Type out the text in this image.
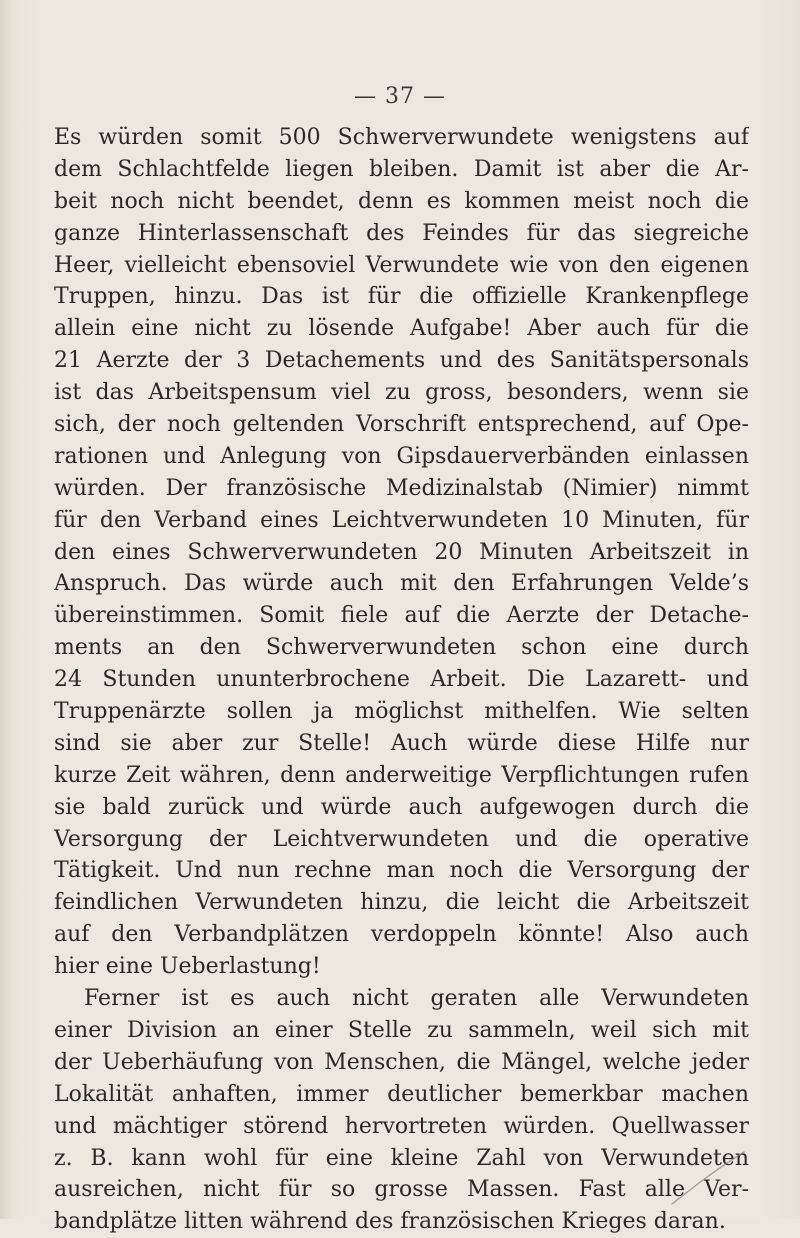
— 37 —
Es würden somit 500 Schwerverwundete wenigstens auf
dem Schlachtfelde liegen bleiben. Damit ist aber die Ar-
beit noch nicht beendet, denn es kommen meist noch die
ganze Hinterlassenschaft des Feindes für das siegreiche
Heer, vielleicht ebensoviel Verwundete wie von den eigenen
Truppen, hinzu. Das ist für die offizielle Krankenpflege
allein eine nicht zu lösende Aufgabe! Aber auch für die
21 Aerzte der 3 Detachements und des Sanitätspersonals
ist das Arbeitspensum viel zu gross, besonders, wenn sie
sich, der noch geltenden Vorschrift entsprechend, auf Ope-
rationen und Anlegung von Gipsdauerverbänden einlassen
würden. Der französische Medizinalstab (Nimier) nimmt
für den Verband eines Leichtverwundeten 10 Minuten, für
den eines Schwerverwundeten 20 Minuten Arbeitszeit in
Anspruch. Das würde auch mit den Erfahrungen Velde’s
übereinstimmen. Somit fiele auf die Aerzte der Detache-
ments an den Schwerverwundeten schon eine durch
24 Stunden ununterbrochene Arbeit. Die Lazarett- und
Truppenärzte sollen ja möglichst mithelfen. Wie selten
sind sie aber zur Stelle! Auch würde diese Hilfe nur
kurze Zeit währen, denn anderweitige Verpflichtungen rufen
sie bald zurück und würde auch aufgewogen durch die
Versorgung der Leichtverwundeten und die operative
Tätigkeit. Und nun rechne man noch die Versorgung der
feindlichen Verwundeten hinzu, die leicht die Arbeitszeit
auf den Verbandplätzen verdoppeln könnte! Also auch
hier eine Ueberlastung!
Ferner ist es auch nicht geraten alle Verwundeten
einer Division an einer Stelle zu sammeln, weil sich mit
der Ueberhäufung von Menschen, die Mängel, welche jeder
Lokalität anhaften, immer deutlicher bemerkbar machen
und mächtiger störend hervortreten würden. Quellwasser
z. B. kann wohl für eine kleine Zahl von Verwundeten
ausreichen, nicht für so grosse Massen. Fast alle Ver-
bandplätze litten während des französischen Krieges daran.
